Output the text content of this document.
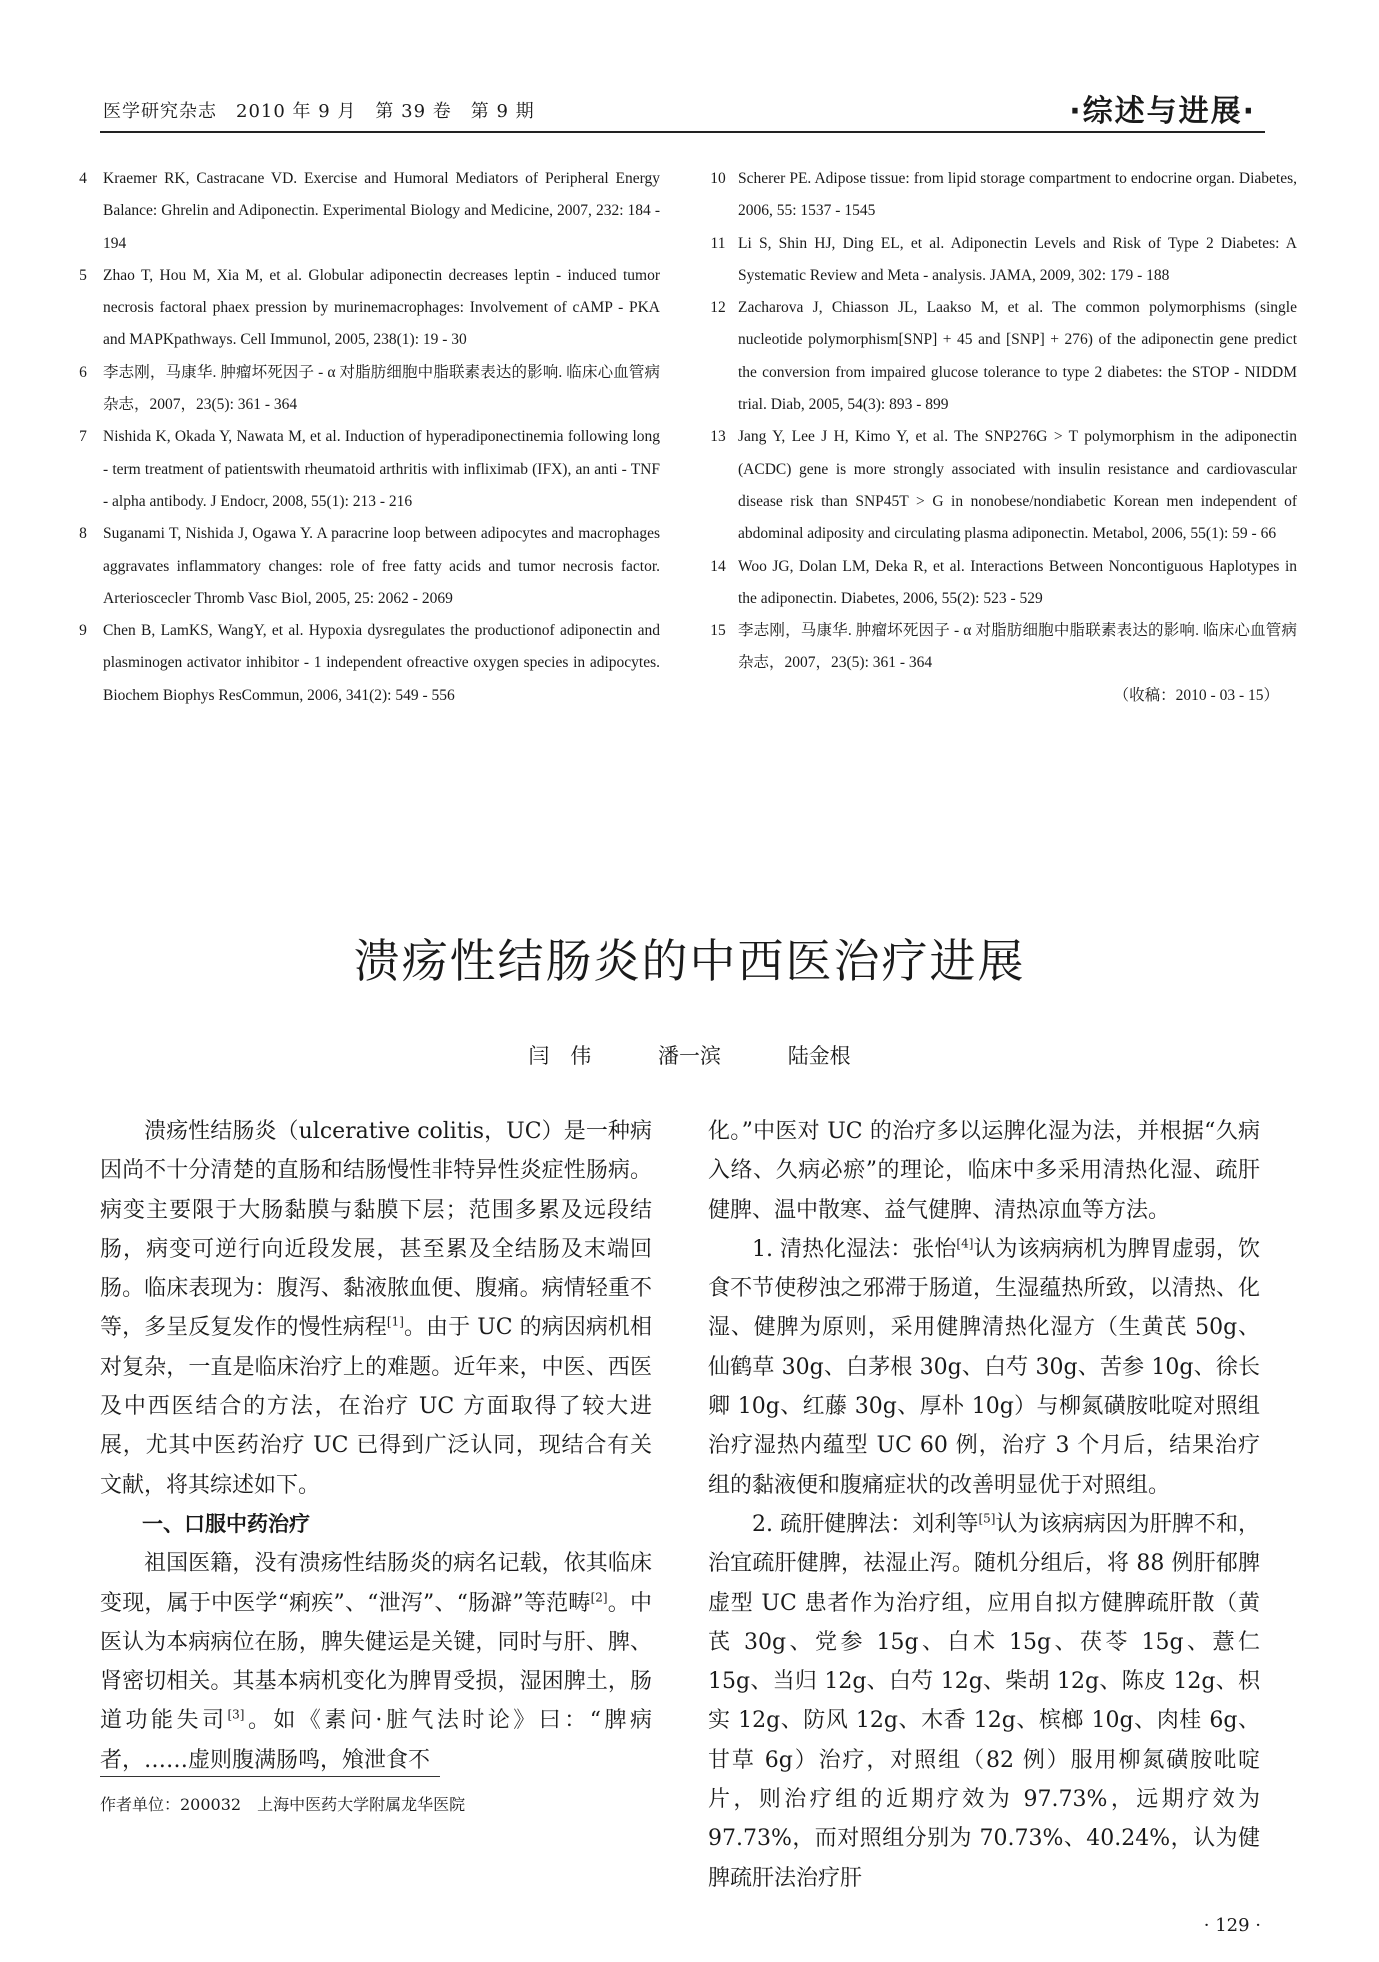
医学研究杂志　2010 年 9 月　第 39 卷　第 9 期	·综述与进展·
4	Kraemer RK, Castracane VD. Exercise and Humoral Mediators of Peripheral Energy Balance: Ghrelin and Adiponectin. Experimental Biology and Medicine, 2007, 232: 184 - 194
5	Zhao T, Hou M, Xia M, et al. Globular adiponectin decreases leptin - induced tumor necrosis factoral phaex pression by murinemacrophages: Involvement of cAMP - PKA and MAPKpathways. Cell Immunol, 2005, 238(1): 19 - 30
6	李志刚，马康华. 肿瘤坏死因子 - α 对脂肪细胞中脂联素表达的影响. 临床心血管病杂志，2007，23(5): 361 - 364
7	Nishida K, Okada Y, Nawata M, et al. Induction of hyperadiponectinemia following long - term treatment of patientswith rheumatoid arthritis with infliximab (IFX), an anti - TNF - alpha antibody. J Endocr, 2008, 55(1): 213 - 216
8	Suganami T, Nishida J, Ogawa Y. A paracrine loop between adipocytes and macrophages aggravates inflammatory changes: role of free fatty acids and tumor necrosis factor. Arterioscecler Thromb Vasc Biol, 2005, 25: 2062 - 2069
9	Chen B, LamKS, WangY, et al. Hypoxia dysregulates the productionof adiponectin and plasminogen activator inhibitor - 1 independent ofreactive oxygen species in adipocytes. Biochem Biophys ResCommun, 2006, 341(2): 549 - 556
10 Scherer PE. Adipose tissue: from lipid storage compartment to endocrine organ. Diabetes, 2006, 55: 1537 - 1545
11 Li S, Shin HJ, Ding EL, et al. Adiponectin Levels and Risk of Type 2 Diabetes: A Systematic Review and Meta - analysis. JAMA, 2009, 302: 179 - 188
12 Zacharova J, Chiasson JL, Laakso M, et al. The common polymorphisms (single nucleotide polymorphism[SNP] + 45 and [SNP] + 276) of the adiponectin gene predict the conversion from impaired glucose tolerance to type 2 diabetes: the STOP - NIDDM trial. Diab, 2005, 54(3): 893 - 899
13 Jang Y, Lee J H, Kimo Y, et al. The SNP276G > T polymorphism in the adiponectin (ACDC) gene is more strongly associated with insulin resistance and cardiovascular disease risk than SNP45T > G in nonobese/nondiabetic Korean men independent of abdominal adiposity and circulating plasma adiponectin. Metabol, 2006, 55(1): 59 - 66
14 Woo JG, Dolan LM, Deka R, et al. Interactions Between Noncontiguous Haplotypes in the adiponectin. Diabetes, 2006, 55(2): 523 - 529
15 李志刚，马康华. 肿瘤坏死因子 - α 对脂肪细胞中脂联素表达的影响. 临床心血管病杂志，2007，23(5): 361 - 364
（收稿：2010 - 03 - 15）
溃疡性结肠炎的中西医治疗进展
闫　伟	潘一滨	陆金根

溃疡性结肠炎（ulcerative colitis，UC）是一种病因尚不十分清楚的直肠和结肠慢性非特异性炎症性肠病。病变主要限于大肠黏膜与黏膜下层；范围多累及远段结肠，病变可逆行向近段发展，甚至累及全结肠及末端回肠。临床表现为：腹泻、黏液脓血便、腹痛。病情轻重不等，多呈反复发作的慢性病程[1]。由于 UC 的病因病机相对复杂，一直是临床治疗上的难题。近年来，中医、西医及中西医结合的方法，在治疗 UC 方面取得了较大进展，尤其中医药治疗 UC 已得到广泛认同，现结合有关文献，将其综述如下。

一、口服中药治疗

祖国医籍，没有溃疡性结肠炎的病名记载，依其临床变现，属于中医学“痢疾”、“泄泻”、“肠澼”等范畴[2]。中医认为本病病位在肠，脾失健运是关键，同时与肝、脾、肾密切相关。其基本病机变化为脾胃受损，湿困脾土，肠道功能失司[3]。如《素问·脏气法时论》曰：“脾病者，……虚则腹满肠鸣，飧泄食不

化。”中医对 UC 的治疗多以运脾化湿为法，并根据“久病入络、久病必瘀”的理论，临床中多采用清热化湿、疏肝健脾、温中散寒、益气健脾、清热凉血等方法。

1. 清热化湿法：张怡[4]认为该病病机为脾胃虚弱，饮食不节使秽浊之邪滞于肠道，生湿蕴热所致，以清热、化湿、健脾为原则，采用健脾清热化湿方（生黄芪 50g、仙鹤草 30g、白茅根 30g、白芍 30g、苦参 10g、徐长卿 10g、红藤 30g、厚朴 10g）与柳氮磺胺吡啶对照组治疗湿热内蕴型 UC 60 例，治疗 3 个月后，结果治疗组的黏液便和腹痛症状的改善明显优于对照组。

2. 疏肝健脾法：刘利等[5]认为该病病因为肝脾不和，治宜疏肝健脾，祛湿止泻。随机分组后，将 88 例肝郁脾虚型 UC 患者作为治疗组，应用自拟方健脾疏肝散（黄芪 30g、党参 15g、白术 15g、茯苓 15g、薏仁 15g、当归 12g、白芍 12g、柴胡 12g、陈皮 12g、枳实 12g、防风 12g、木香 12g、槟榔 10g、肉桂 6g、甘草 6g）治疗，对照组（82 例）服用柳氮磺胺吡啶片，则治疗组的近期疗效为 97.73%，远期疗效为 97.73%，而对照组分别为 70.73%、40.24%，认为健脾疏肝法治疗肝

作者单位：200032　上海中医药大学附属龙华医院
· 129 ·
